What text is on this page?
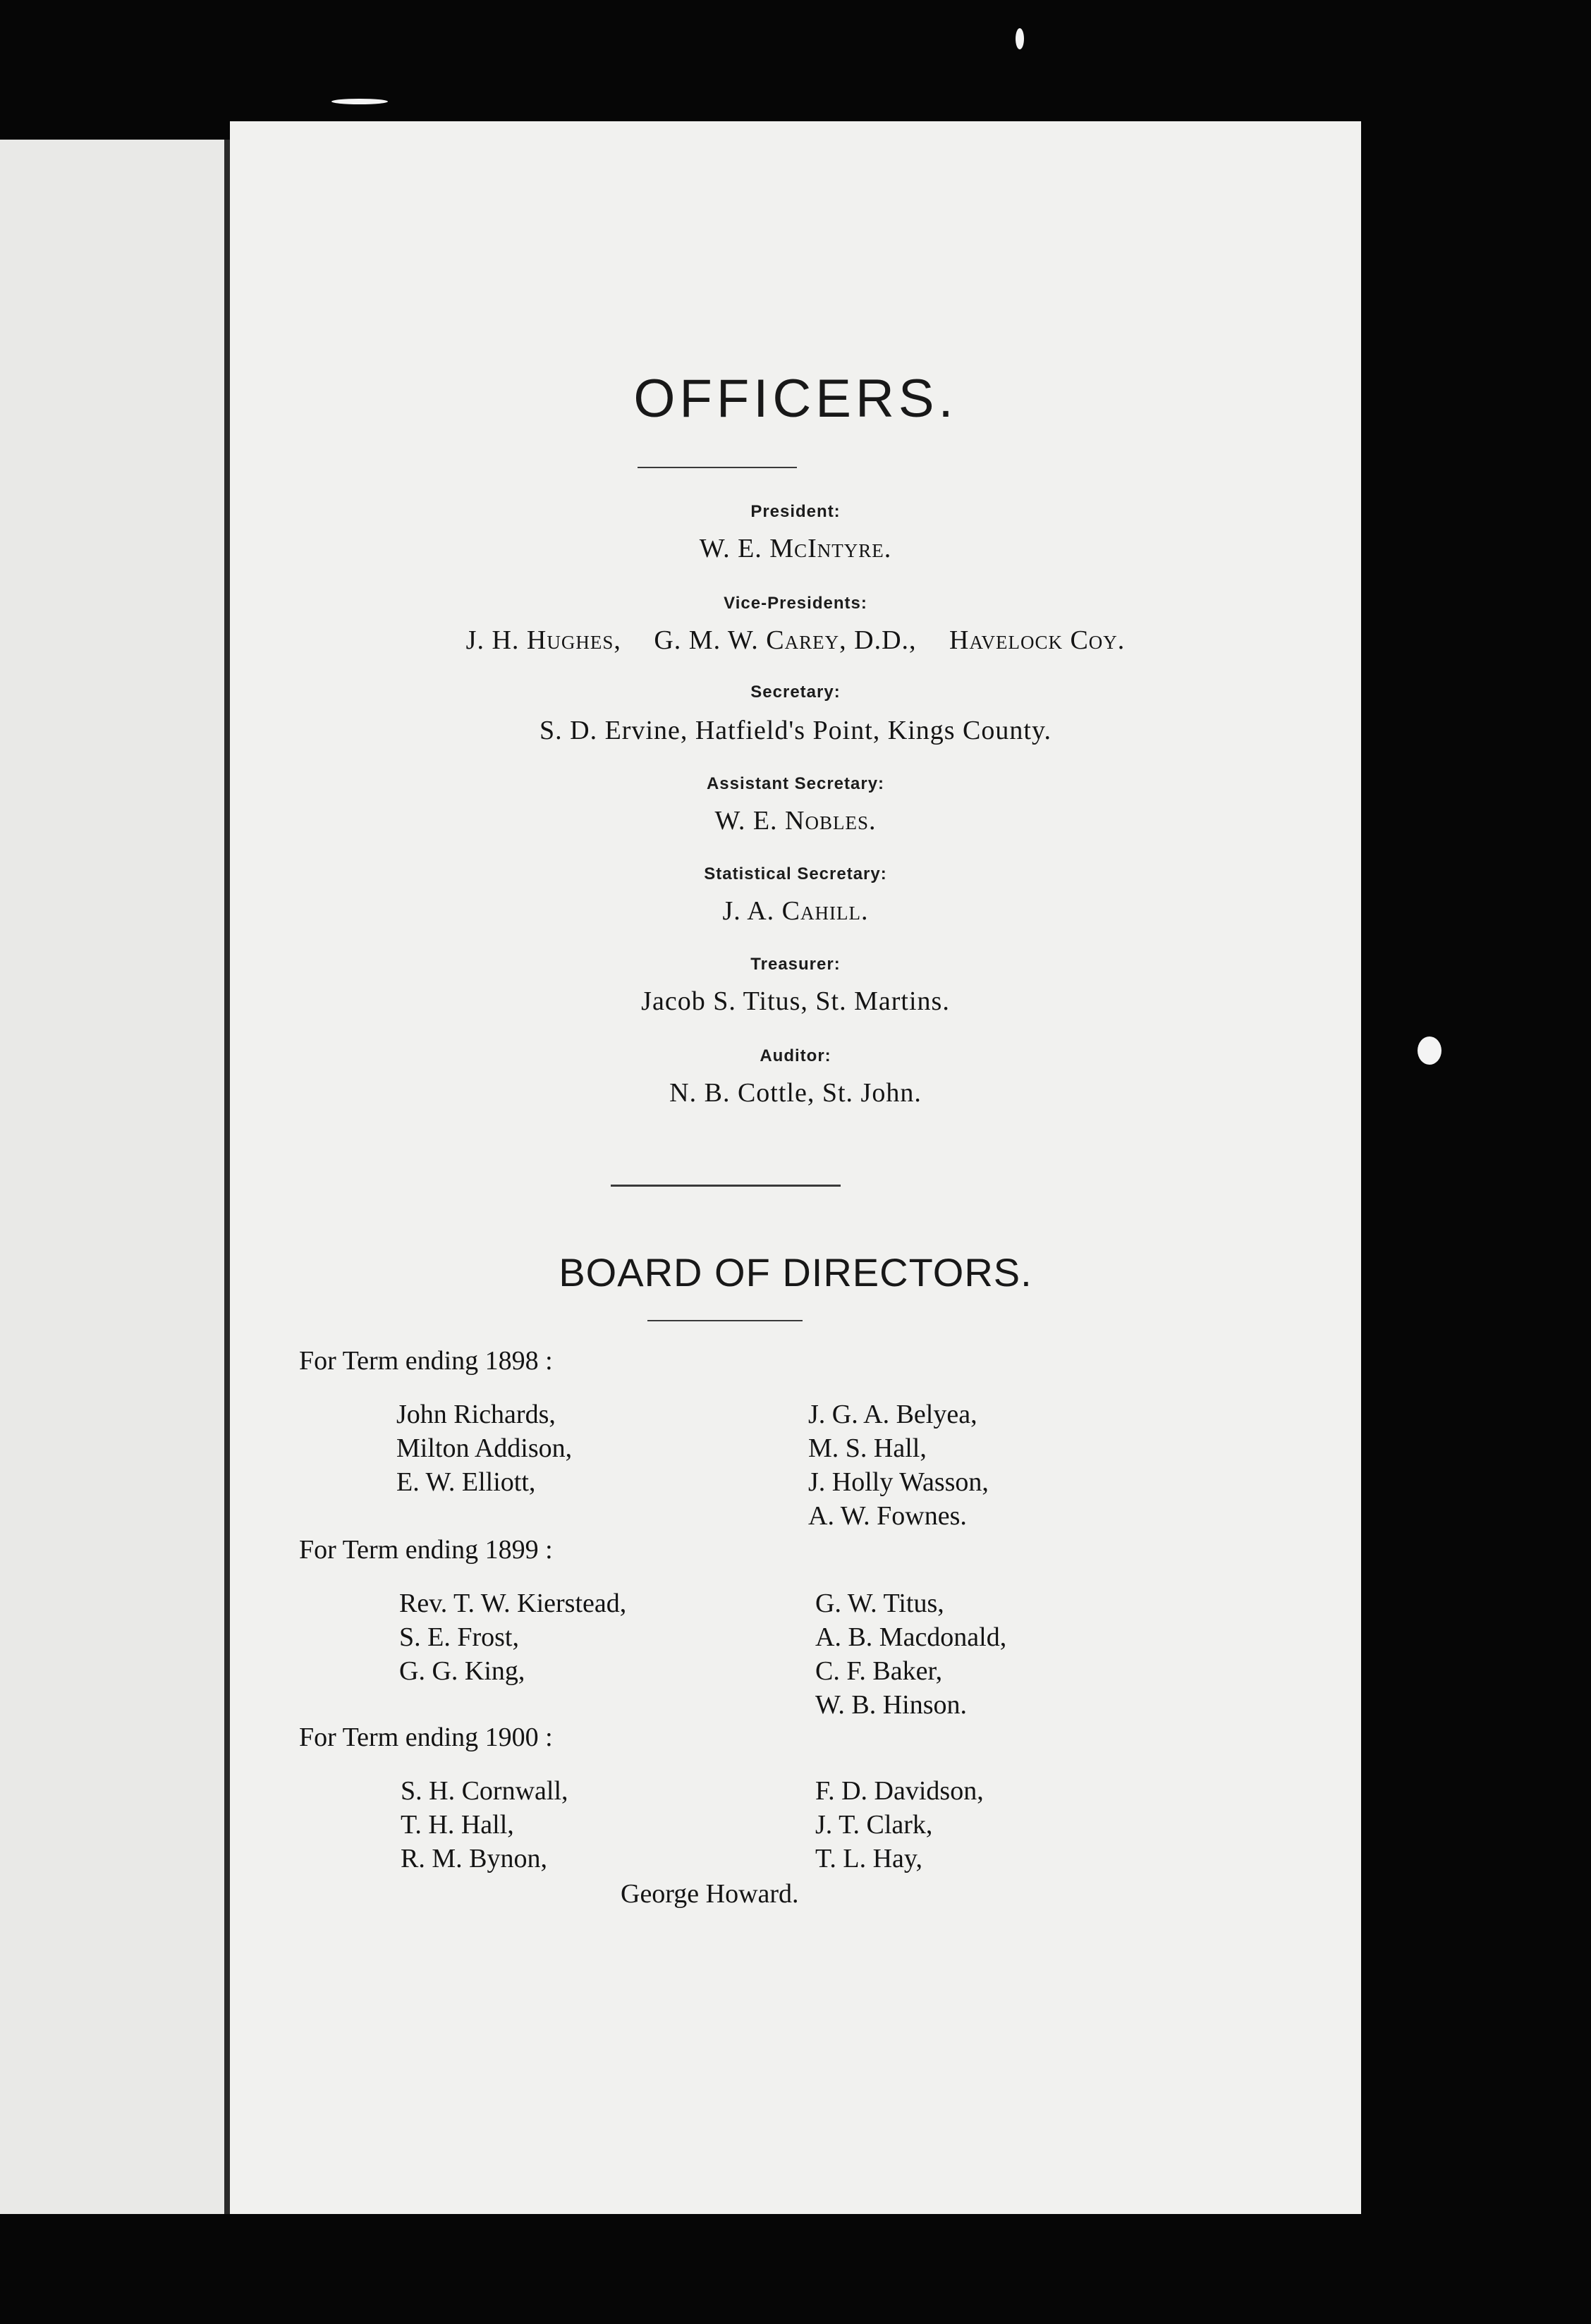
OFFICERS.
President:
W. E. McIntyre.
Vice-Presidents:
J. H. Hughes, G. M. W. Carey, D.D., Havelock Coy.
Secretary:
S. D. Ervine, Hatfield's Point, Kings County.
Assistant Secretary:
W. E. Nobles.
Statistical Secretary:
J. A. Cahill.
Treasurer:
Jacob S. Titus, St. Martins.
Auditor:
N. B. Cottle, St. John.
BOARD OF DIRECTORS.
For Term ending 1898 :
John Richards,
Milton Addison,
E. W. Elliott,
J. G. A. Belyea,
M. S. Hall,
J. Holly Wasson,
A. W. Fownes.
For Term ending 1899 :
Rev. T. W. Kierstead,
S. E. Frost,
G. G. King,
G. W. Titus,
A. B. Macdonald,
C. F. Baker,
W. B. Hinson.
For Term ending 1900 :
S. H. Cornwall,
T. H. Hall,
R. M. Bynon,
F. D. Davidson,
J. T. Clark,
T. L. Hay,
George Howard.
